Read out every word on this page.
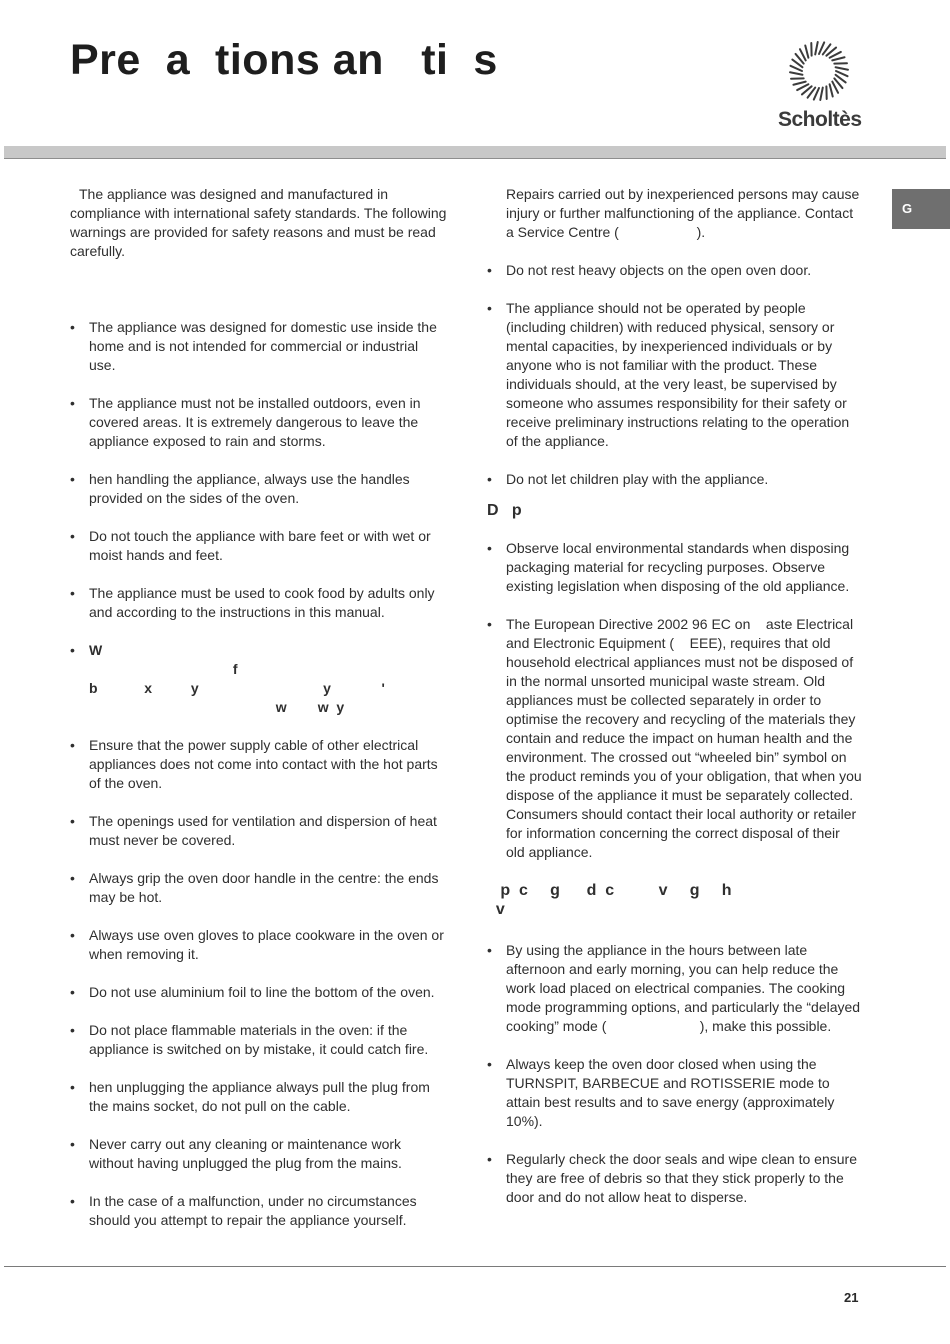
Pre  a  tions an   ti  s
Scholtès
G

The appliance was designed and manufactured in compliance with international safety standards. The following warnings are provided for safety reasons and must be read carefully.

• The appliance was designed for domestic use inside the home and is not intended for commercial or industrial use.
• The appliance must not be installed outdoors, even in covered areas. It is extremely dangerous to leave the appliance exposed to rain and storms.
• hen handling the appliance, always use the handles provided on the sides of the oven.
• Do not touch the appliance with bare feet or with wet or moist hands and feet.
• The appliance must be used to cook food by adults only and according to the instructions in this manual.
• W
f
b            x          y                                y             '
w        w  y
• Ensure that the power supply cable of other electrical appliances does not come into contact with the hot parts of the oven.
• The openings used for ventilation and dispersion of heat must never be covered.
• Always grip the oven door handle in the centre: the ends may be hot.
• Always use oven gloves to place cookware in the oven or when removing it.
• Do not use aluminium foil to line the bottom of the oven.
• Do not place flammable materials in the oven: if the appliance is switched on by mistake, it could catch fire.
• hen unplugging the appliance always pull the plug from the mains socket, do not pull on the cable.
• Never carry out any cleaning or maintenance work without having unplugged the plug from the mains.
• In the case of a malfunction, under no circumstances should you attempt to repair the appliance yourself.

Repairs carried out by inexperienced persons may cause injury or further malfunctioning of the appliance. Contact a Service Centre (                    ).

• Do not rest heavy objects on the open oven door.
• The appliance should not be operated by people (including children) with reduced physical, sensory or mental capacities, by inexperienced individuals or by anyone who is not familiar with the product. These individuals should, at the very least, be supervised by someone who assumes responsibility for their safety or receive preliminary instructions relating to the operation of the appliance.
• Do not let children play with the appliance.
D   p
• Observe local environmental standards when disposing packaging material for recycling purposes. Observe existing legislation when disposing of the old appliance.
• The European Directive 2002 96 EC on    aste Electrical and Electronic Equipment (    EEE), requires that old household electrical appliances must not be disposed of in the normal unsorted municipal waste stream. Old appliances must be collected separately in order to optimise the recovery and recycling of the materials they contain and reduce the impact on human health and the environment. The crossed out “wheeled bin” symbol on the product reminds you of your obligation, that when you dispose of the appliance it must be separately collected.

Consumers should contact their local authority or retailer for information concerning the correct disposal of their old appliance.

p  c     g      d  c          v     g     h
v
• By using the appliance in the hours between late afternoon and early morning, you can help reduce the work load placed on electrical companies. The cooking mode programming options, and particularly the “delayed cooking” mode (                        ), make this possible.
• Always keep the oven door closed when using the TURNSPIT, BARBECUE and ROTISSERIE mode to attain best results and to save energy (approximately 10%).
• Regularly check the door seals and wipe clean to ensure they are free of debris so that they stick properly to the door and do not allow heat to disperse.
21
